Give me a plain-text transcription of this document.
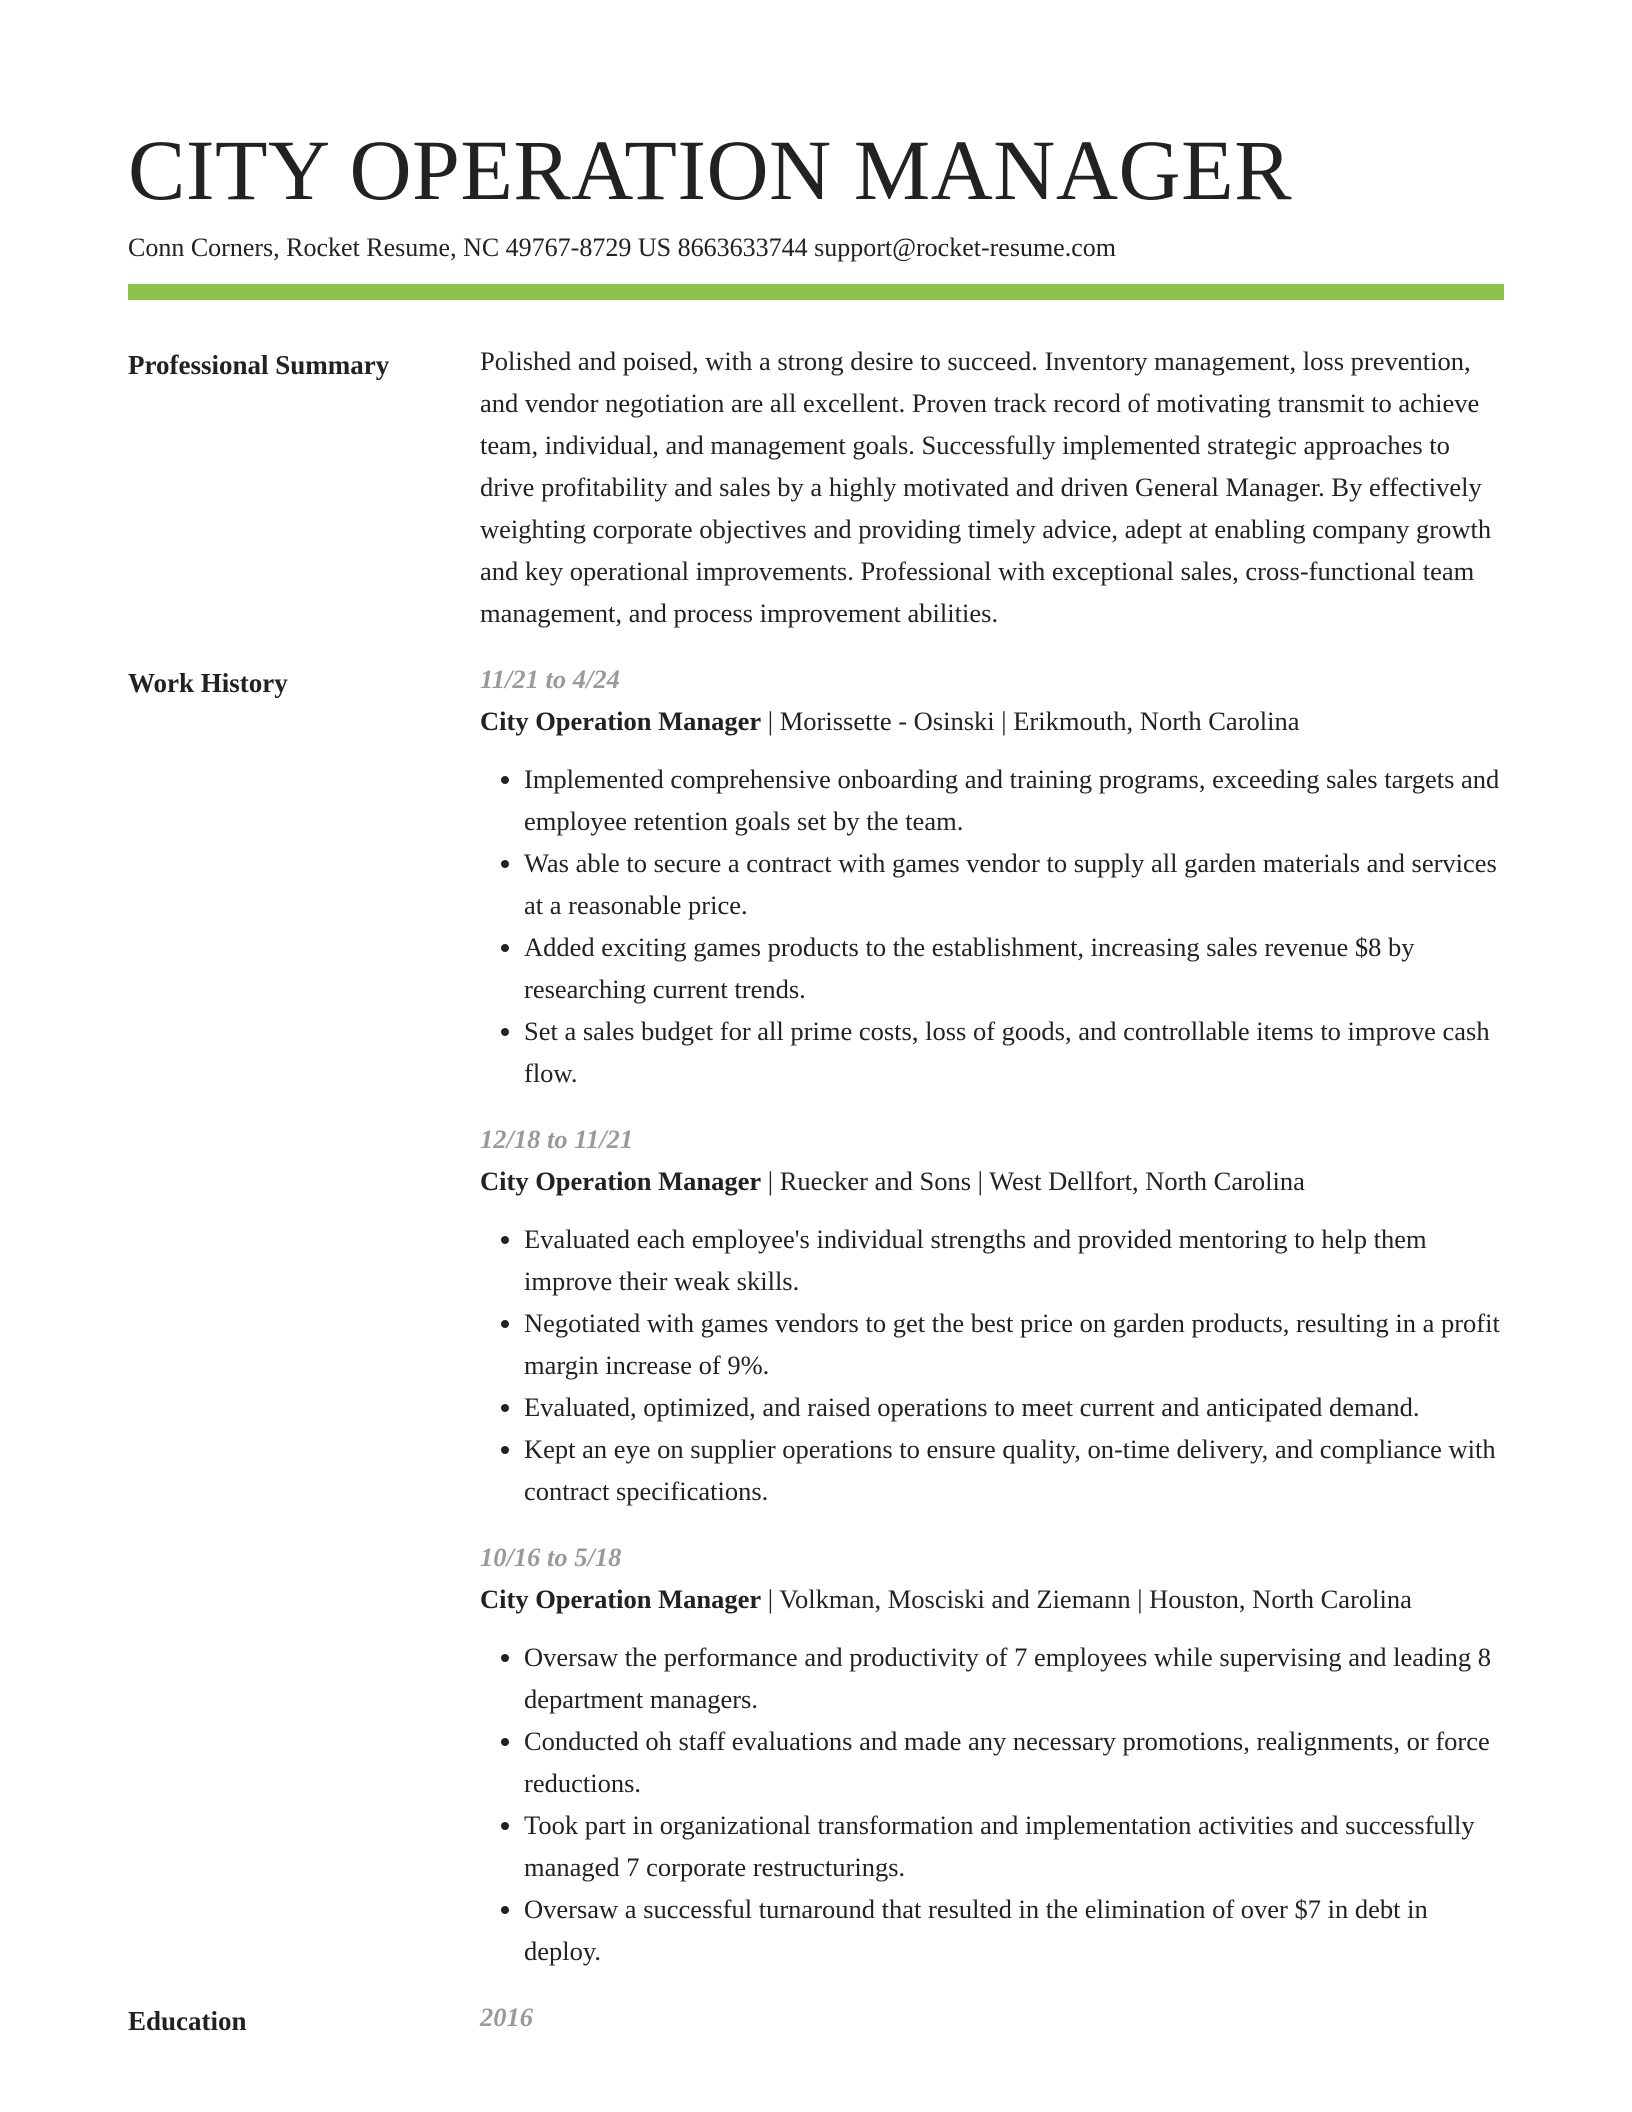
CITY OPERATION MANAGER
Conn Corners, Rocket Resume, NC 49767-8729 US 8663633744 support@rocket-resume.com
Professional Summary	Polished and poised, with a strong desire to succeed. Inventory management, loss prevention, and vendor negotiation are all excellent. Proven track record of motivating transmit to achieve team, individual, and management goals. Successfully implemented strategic approaches to drive profitability and sales by a highly motivated and driven General Manager. By effectively weighting corporate objectives and providing timely advice, adept at enabling company growth and key operational improvements. Professional with exceptional sales, cross-functional team management, and process improvement abilities.

Work History	11/21 to 4/24
City Operation Manager | Morissette - Osinski | Erikmouth, North Carolina
• Implemented comprehensive onboarding and training programs, exceeding sales targets and employee retention goals set by the team.
• Was able to secure a contract with games vendor to supply all garden materials and services at a reasonable price.
• Added exciting games products to the establishment, increasing sales revenue $8 by researching current trends.
• Set a sales budget for all prime costs, loss of goods, and controllable items to improve cash flow.
12/18 to 11/21
City Operation Manager | Ruecker and Sons | West Dellfort, North Carolina
• Evaluated each employee's individual strengths and provided mentoring to help them improve their weak skills.
• Negotiated with games vendors to get the best price on garden products, resulting in a profit margin increase of 9%.
• Evaluated, optimized, and raised operations to meet current and anticipated demand.
• Kept an eye on supplier operations to ensure quality, on-time delivery, and compliance with contract specifications.
10/16 to 5/18
City Operation Manager | Volkman, Mosciski and Ziemann | Houston, North Carolina
• Oversaw the performance and productivity of 7 employees while supervising and leading 8 department managers.
• Conducted oh staff evaluations and made any necessary promotions, realignments, or force reductions.
• Took part in organizational transformation and implementation activities and successfully managed 7 corporate restructurings.
• Oversaw a successful turnaround that resulted in the elimination of over $7 in debt in deploy.
Education	2016
